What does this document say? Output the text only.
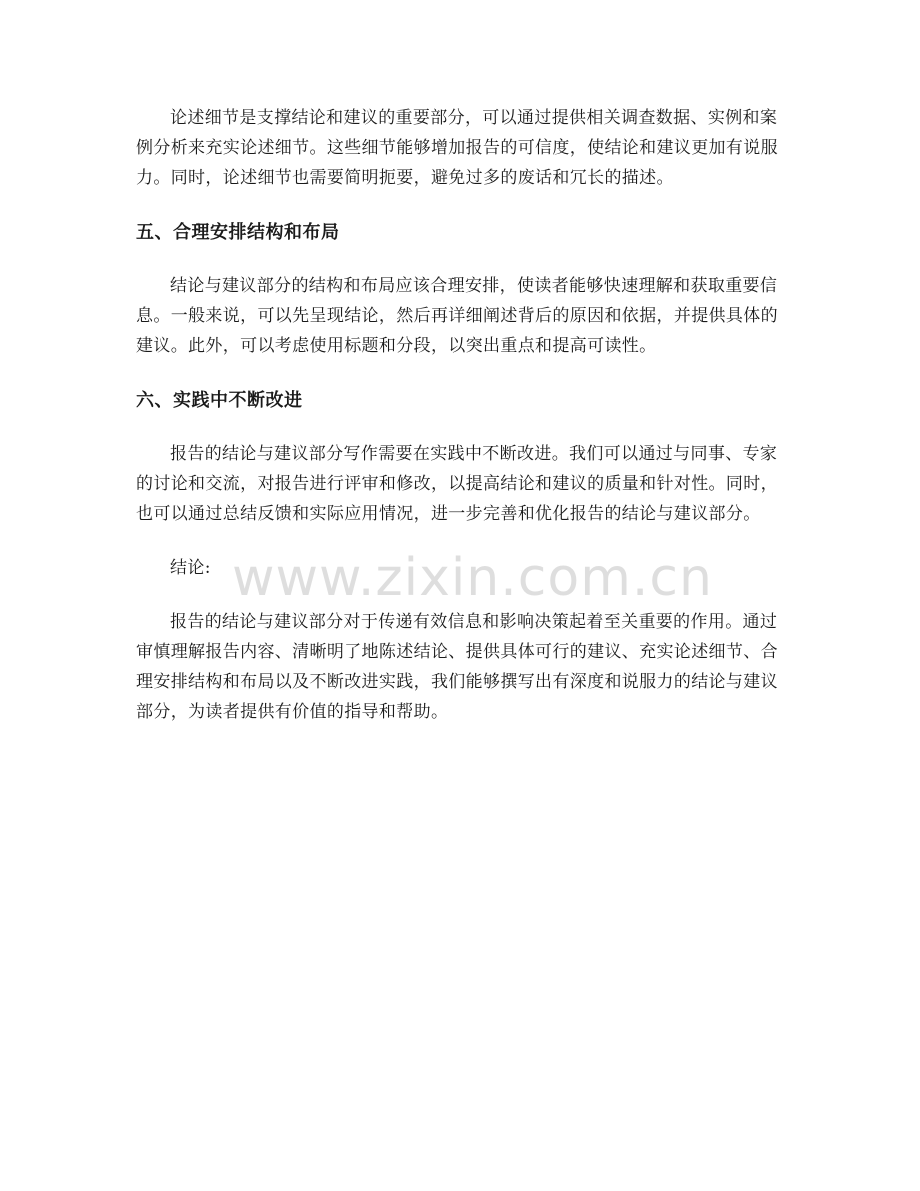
论述细节是支撑结论和建议的重要部分，可以通过提供相关调查数据、实例和案例分析来充实论述细节。这些细节能够增加报告的可信度，使结论和建议更加有说服力。同时，论述细节也需要简明扼要，避免过多的废话和冗长的描述。

五、合理安排结构和布局

结论与建议部分的结构和布局应该合理安排，使读者能够快速理解和获取重要信息。一般来说，可以先呈现结论，然后再详细阐述背后的原因和依据，并提供具体的建议。此外，可以考虑使用标题和分段，以突出重点和提高可读性。

六、实践中不断改进

报告的结论与建议部分写作需要在实践中不断改进。我们可以通过与同事、专家的讨论和交流，对报告进行评审和修改，以提高结论和建议的质量和针对性。同时，也可以通过总结反馈和实际应用情况，进一步完善和优化报告的结论与建议部分。

结论:

报告的结论与建议部分对于传递有效信息和影响决策起着至关重要的作用。通过审慎理解报告内容、清晰明了地陈述结论、提供具体可行的建议、充实论述细节、合理安排结构和布局以及不断改进实践，我们能够撰写出有深度和说服力的结论与建议部分，为读者提供有价值的指导和帮助。

www.zixin.com.cn
